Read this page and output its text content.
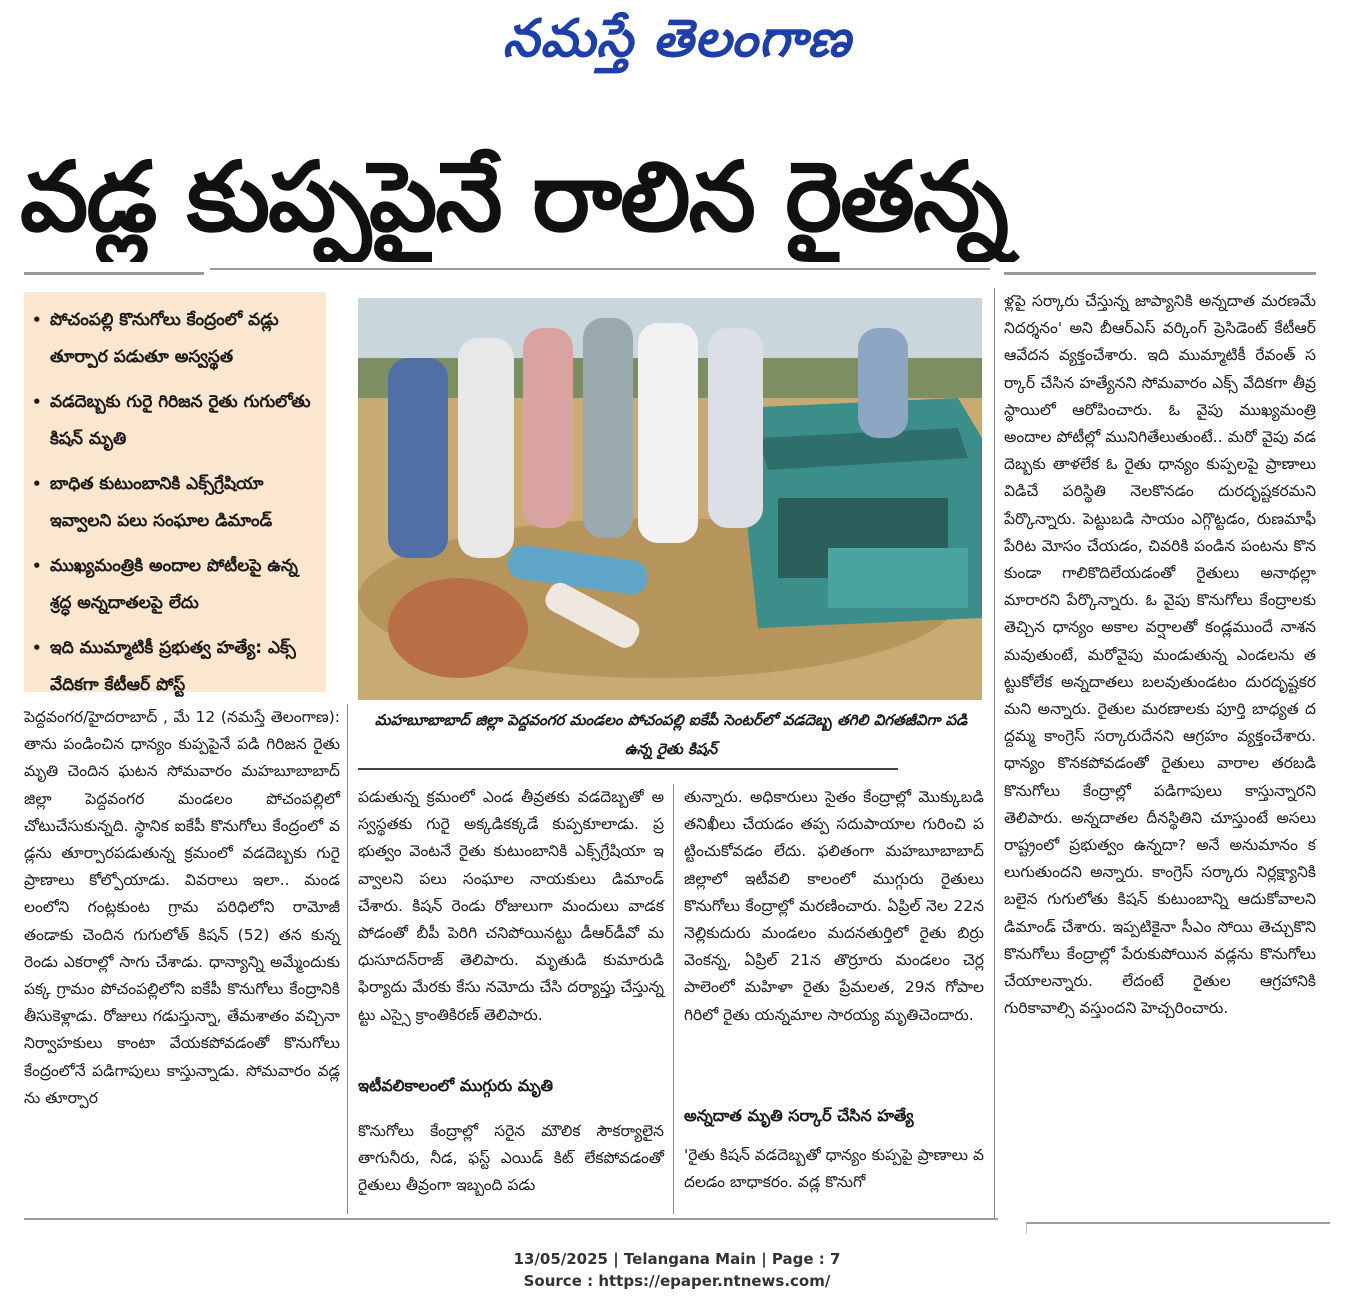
నమస్తే తెలంగాణ
వడ్ల కుప్పపైనే రాలిన రైతన్న
• పోచంపల్లి కొనుగోలు కేంద్రంలో వడ్లు తూర్పార పడుతూ అస్వస్థత
• వడదెబ్బకు గురై గిరిజన రైతు గుగులోతు కిషన్ మృతి
• బాధిత కుటుంబానికి ఎక్స్‌గ్రేషియా ఇవ్వాలని పలు సంఘాల డిమాండ్
• ముఖ్యమంత్రికి అందాల పోటీలపై ఉన్న శ్రద్ధ అన్నదాతలపై లేదు
• ఇది ముమ్మాటికీ ప్రభుత్వ హత్యే: ఎక్స్ వేదికగా కేటీఆర్ పోస్ట్
మహబూబాబాద్ జిల్లా పెద్దవంగర మండలం పోచంపల్లి ఐకేపీ సెంటర్‌లో వడదెబ్బ తగిలి విగతజీవిగా పడి ఉన్న రైతు కిషన్
పెద్దవంగర/హైదరాబాద్ , మే 12 (నమస్తే తెలంగాణ): తాను పండించిన ధాన్యం కుప్పపైనే పడి గిరిజన రైతు మృతి చెందిన ఘటన సోమవారం మహబూబాబాద్ జిల్లా పెద్దవంగర మండలం పోచంపల్లిలో చోటుచేసుకున్నది. స్థానిక ఐకేపీ కొనుగోలు కేంద్రంలో వడ్లను తూర్పారపడుతున్న క్రమంలో వడదెబ్బకు గురై ప్రాణాలు కోల్పోయాడు. వివరాలు ఇలా.. మండలంలోని గంట్లకుంట గ్రామ పరిధిలోని రామోజీ తండాకు చెందిన గుగులోత్ కిషన్ (52) తన కున్న రెండు ఎకరాల్లో సాగు చేశాడు. ధాన్యాన్ని అమ్మేందుకు పక్క గ్రామం పోచంపల్లిలోని ఐకేపీ కొనుగోలు కేంద్రానికి తీసుకెళ్లాడు. రోజులు గడుస్తున్నా, తేమశాతం వచ్చినా నిర్వాహకులు కాంటా వేయకపోవడంతో కొనుగోలు కేంద్రంలోనే పడిగాపులు కాస్తున్నాడు. సోమవారం వడ్లను తూర్పార
పడుతున్న క్రమంలో ఎండ తీవ్రతకు వడదెబ్బతో అస్వస్థతకు గురై అక్కడికక్కడే కుప్పకూలాడు. ప్రభుత్వం వెంటనే రైతు కుటుంబానికి ఎక్స్‌గ్రేషియా ఇవ్వాలని పలు సంఘాల నాయకులు డిమాండ్ చేశారు. కిషన్ రెండు రోజులుగా మందులు వాడకపోడంతో బీపీ పెరిగి చనిపోయినట్టు డీఆర్‌డీవో మధుసూదన్‌రాజ్ తెలిపారు. మృతుడి కుమారుడి ఫిర్యాదు మేరకు కేసు నమోదు చేసి దర్యాప్తు చేస్తున్నట్టు ఎస్సై క్రాంతికిరణ్ తెలిపారు.
ఇటీవలికాలంలో ముగ్గురు మృతి
కొనుగోలు కేంద్రాల్లో సరైన మౌలిక సౌకర్యాలైన తాగునీరు, నీడ, ఫస్ట్ ఎయిడ్ కిట్ లేకపోవడంతో రైతులు తీవ్రంగా ఇబ్బంది పడు
తున్నారు. అధికారులు సైతం కేంద్రాల్లో మొక్కుబడి తనిఖీలు చేయడం తప్ప సదుపాయాల గురించి పట్టించుకోవడం లేదు. ఫలితంగా మహబూబాబాద్ జిల్లాలో ఇటీవలి కాలంలో ముగ్గురు రైతులు కొనుగోలు కేంద్రాల్లో మరణించారు. ఏప్రిల్ నెల 22న నెల్లికుదురు మండలం మదనతుర్తిలో రైతు బిర్రు వెంకన్న, ఏప్రిల్ 21న తొర్రూరు మండలం చెర్లపాలెంలో మహిళా రైతు ప్రేమలత, 29న గోపాలగిరిలో రైతు యన్నమాల సారయ్య మృతిచెందారు.
అన్నదాత మృతి సర్కార్ చేసిన హత్యే
'రైతు కిషన్ వడదెబ్బతో ధాన్యం కుప్పపై ప్రాణాలు వదలడం బాధాకరం. వడ్ల కొనుగో
ళ్లపై సర్కారు చేస్తున్న జాప్యానికి అన్నదాత మరణమే నిదర్శనం' అని బీఆర్‌ఎస్ వర్కింగ్ ప్రెసిడెంట్ కేటీఆర్ ఆవేదన వ్యక్తంచేశారు. ఇది ముమ్మాటికీ రేవంత్ సర్కార్ చేసిన హత్యేనని సోమవారం ఎక్స్ వేదికగా తీవ్రస్థాయిలో ఆరోపించారు. ఓ వైపు ముఖ్యమంత్రి అందాల పోటీల్లో మునిగితేలుతుంటే.. మరో వైపు వడదెబ్బకు తాళలేక ఓ రైతు ధాన్యం కుప్పలపై ప్రాణాలు విడిచే పరిస్థితి నెలకొనడం దురదృష్టకరమని పేర్కొన్నారు. పెట్టుబడి సాయం ఎగ్గొట్టడం, రుణమాఫీ పేరిట మోసం చేయడం, చివరికి పండిన పంటను కొనకుండా గాలికొదిలేయడంతో రైతులు అనాథల్లా మారారని పేర్కొన్నారు. ఓ వైపు కొనుగోలు కేంద్రాలకు తెచ్చిన ధాన్యం అకాల వర్షాలతో కండ్లముందే నాశనమవుతుంటే, మరోవైపు మండుతున్న ఎండలను తట్టుకోలేక అన్నదాతలు బలవుతుండటం దురదృష్టకరమని అన్నారు. రైతుల మరణాలకు పూర్తి బాధ్యత దద్దమ్మ కాంగ్రెస్ సర్కారుదేనని ఆగ్రహం వ్యక్తంచేశారు. ధాన్యం కొనకపోవడంతో రైతులు వారాల తరబడి కొనుగోలు కేంద్రాల్లో పడిగాపులు కాస్తున్నారని తెలిపారు. అన్నదాతల దీనస్థితిని చూస్తుంటే అసలు రాష్ట్రంలో ప్రభుత్వం ఉన్నదా? అనే అనుమానం కలుగుతుందని అన్నారు. కాంగ్రెస్ సర్కారు నిర్లక్ష్యానికి బలైన గుగులోతు కిషన్ కుటుంబాన్ని ఆదుకోవాలని డిమాండ్ చేశారు. ఇప్పటికైనా సీఎం సోయి తెచ్చుకొని కొనుగోలు కేంద్రాల్లో పేరుకుపోయిన వడ్లను కొనుగోలు చేయాలన్నారు. లేదంటే రైతుల ఆగ్రహానికి గురికావాల్సి వస్తుందని హెచ్చరించారు.
13/05/2025 | Telangana Main | Page : 7
Source : https://epaper.ntnews.com/
